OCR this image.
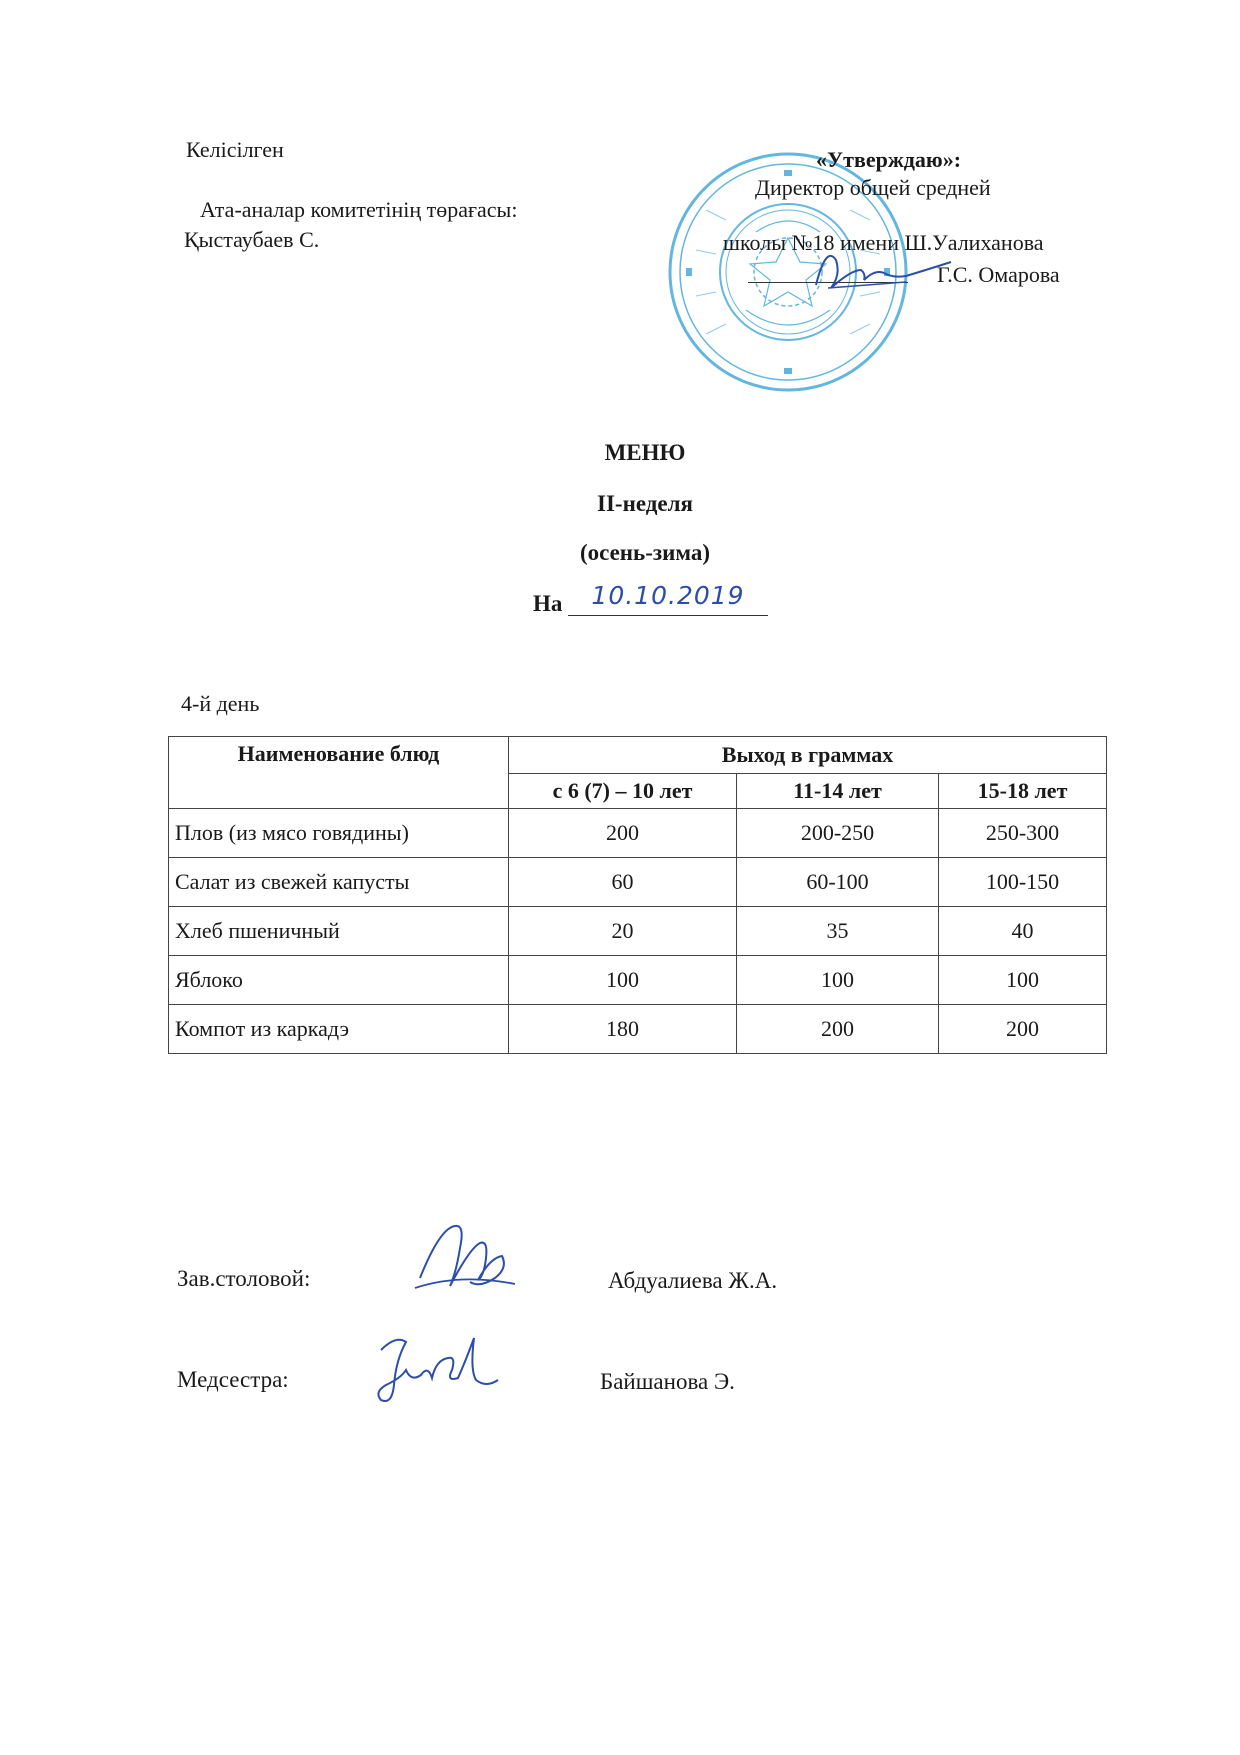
Келісілген
Ата-аналар комитетінің төрағасы:
Қыстаубаев С.
«Утверждаю»:
Директор общей средней
школы №18 имени Ш.Уалиханова
Г.С. Омарова
МЕНЮ
II-неделя
(осень-зима)
На	10.10.2019
4-й день
Наименование блюд	Выход в граммах		
	с 6 (7) – 10 лет	11-14 лет	15-18 лет
Плов (из мясо говядины)	200	200-250	250-300
Салат из свежей капусты	60	60-100	100-150
Хлеб пшеничный	20	35	40
Яблоко	100	100	100
Компот из каркадэ	180	200	200
Зав.столовой:	Абдуалиева Ж.А.
Медсестра:	Байшанова Э.
